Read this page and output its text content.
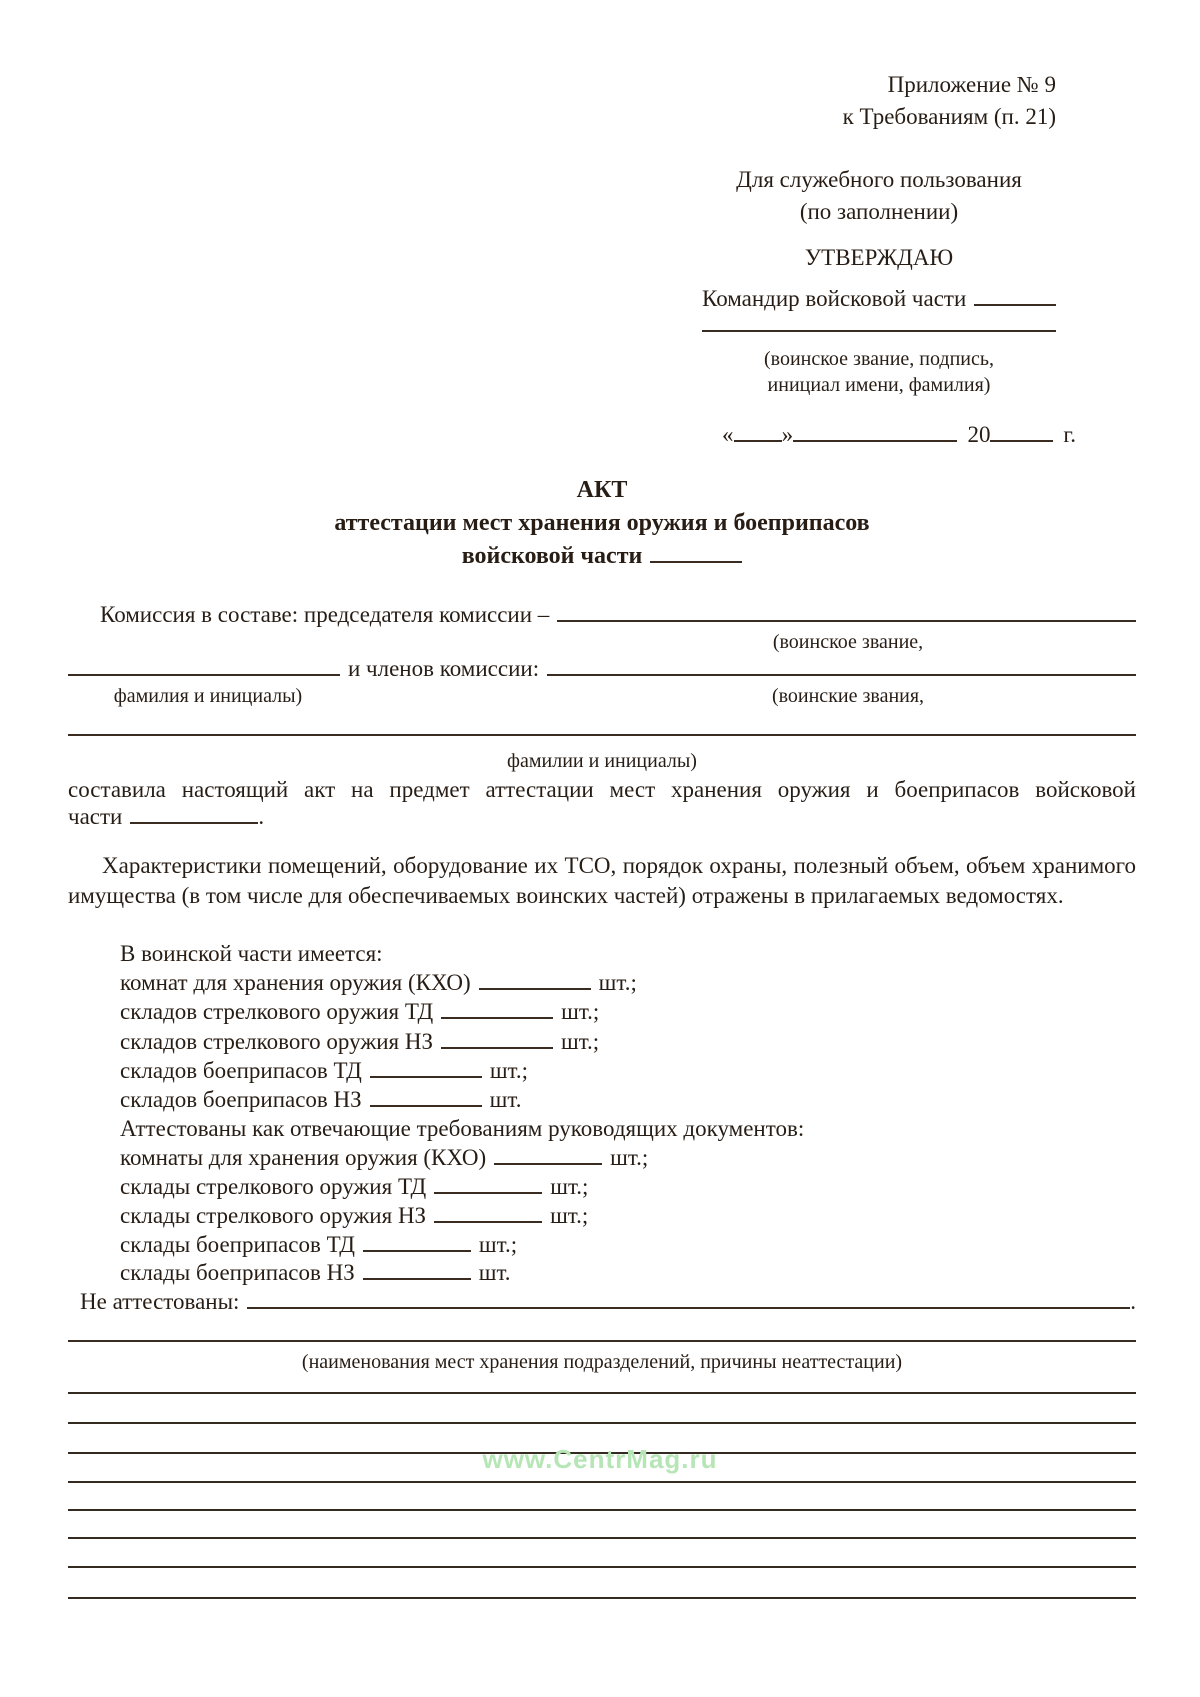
Приложение № 9
к Требованиям (п. 21)
Для служебного пользования
(по заполнении)
УТВЕРЖДАЮ
Командир войсковой части
(воинское звание, подпись,
инициал имени, фамилия)
« »	20	г.
АКТ
аттестации мест хранения оружия и боеприпасов
войсковой части
Комиссия в составе: председателя комиссии –
(воинское звание,
и членов комиссии:
фамилия и инициалы)	(воинские звания,
фамилии и инициалы)
составила настоящий акт на предмет аттестации мест хранения оружия и боеприпасов войсковой
части	.
Характеристики помещений, оборудование их ТСО, порядок охраны, полезный объем, объем хранимого имущества (в том числе для обеспечиваемых воинских частей) отражены в прилагаемых ведомостях.
В воинской части имеется:
комнат для хранения оружия (КХО)	шт.;
складов стрелкового оружия ТД	шт.;
складов стрелкового оружия НЗ	шт.;
складов боеприпасов ТД	шт.;
складов боеприпасов НЗ	шт.
Аттестованы как отвечающие требованиям руководящих документов:
комнаты для хранения оружия (КХО)	шт.;
склады стрелкового оружия ТД	шт.;
склады стрелкового оружия НЗ	шт.;
склады боеприпасов ТД	шт.;
склады боеприпасов НЗ	шт.
Не аттестованы:	.
(наименования мест хранения подразделений, причины неаттестации)
www.CentrMag.ru
